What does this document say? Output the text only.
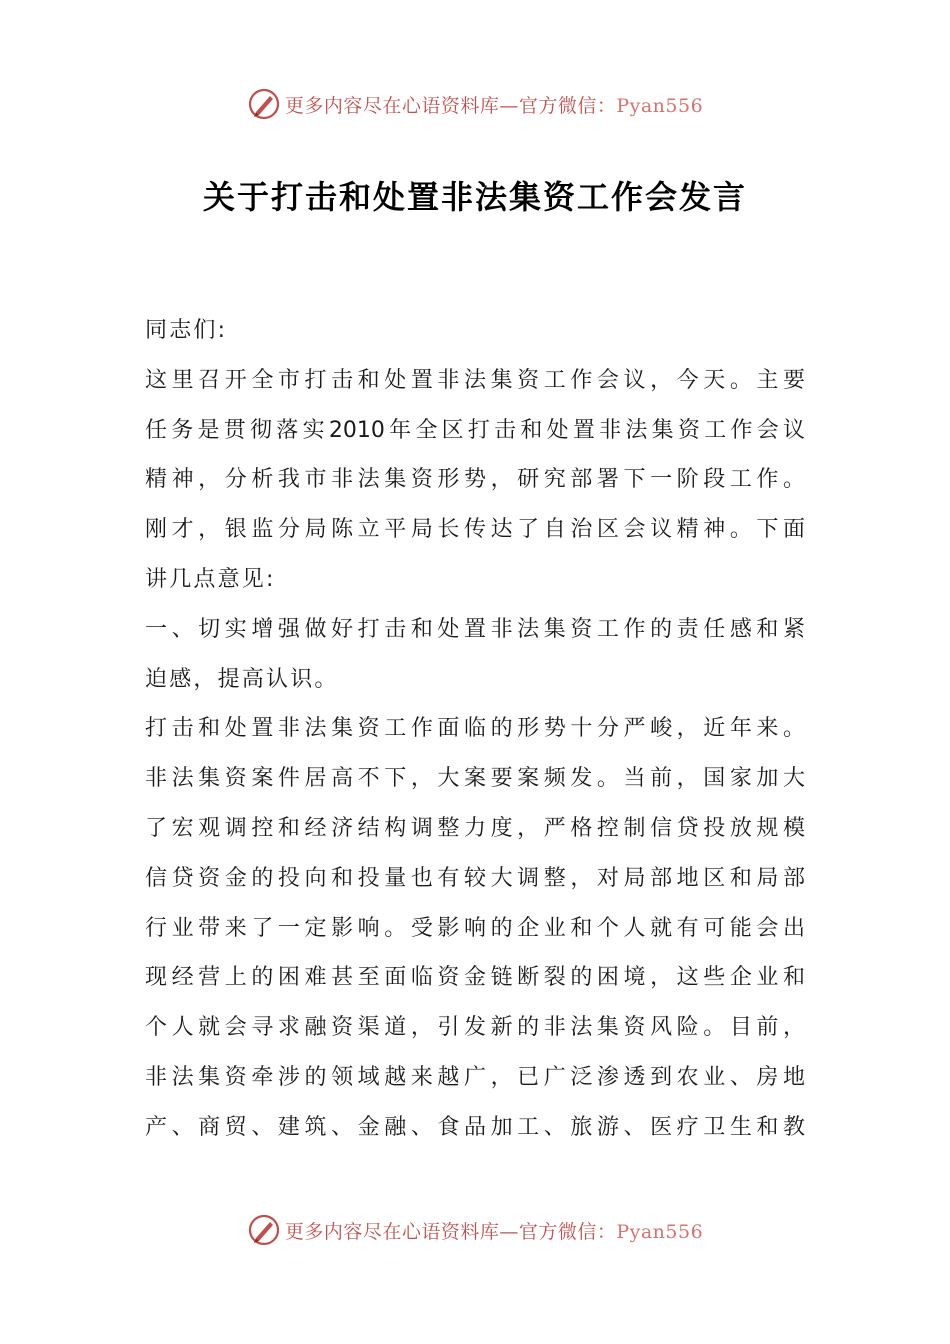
更多内容尽在心语资料库—官方微信：Pyan556
关于打击和处置非法集资工作会发言
同志们:
这里召开全市打击和处置非法集资工作会议，今天。主要
任务是贯彻落实2010年全区打击和处置非法集资工作会议
精神，分析我市非法集资形势，研究部署下一阶段工作。
刚才，银监分局陈立平局长传达了自治区会议精神。下面
讲几点意见:
一、切实增强做好打击和处置非法集资工作的责任感和紧
迫感，提高认识。
打击和处置非法集资工作面临的形势十分严峻，近年来。
非法集资案件居高不下，大案要案频发。当前，国家加大
了宏观调控和经济结构调整力度，严格控制信贷投放规模
信贷资金的投向和投量也有较大调整，对局部地区和局部
行业带来了一定影响。受影响的企业和个人就有可能会出
现经营上的困难甚至面临资金链断裂的困境，这些企业和
个人就会寻求融资渠道，引发新的非法集资风险。目前，
非法集资牵涉的领域越来越广，已广泛渗透到农业、房地
产、商贸、建筑、金融、食品加工、旅游、医疗卫生和教
更多内容尽在心语资料库—官方微信：Pyan556
